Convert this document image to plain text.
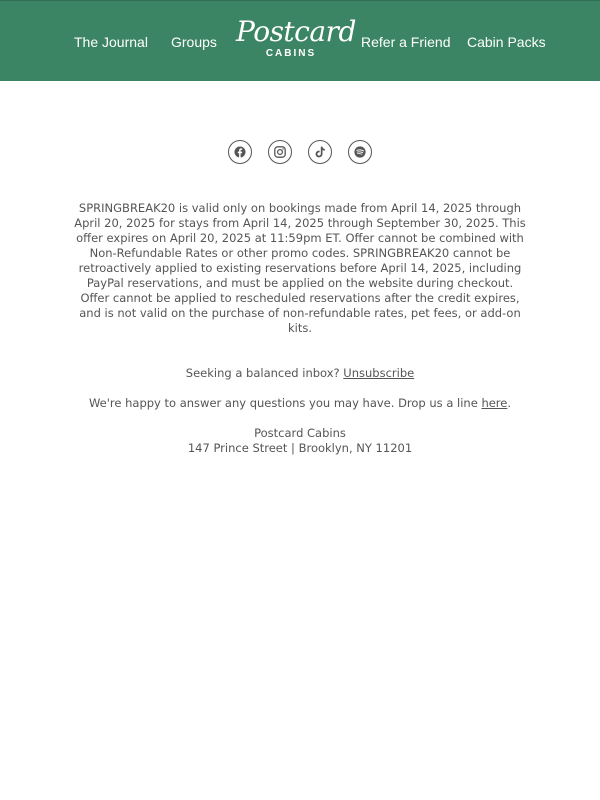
The Journal Groups Postcard
CABINS
Refer a Friend Cabin Packs
SPRINGBREAK20 is valid only on bookings made from April 14, 2025 through April 20, 2025 for stays from April 14, 2025 through September 30, 2025. This offer expires on April 20, 2025 at 11:59pm ET. Offer cannot be combined with Non-Refundable Rates or other promo codes. SPRINGBREAK20 cannot be retroactively applied to existing reservations before April 14, 2025, including PayPal reservations, and must be applied on the website during checkout. Offer cannot be applied to rescheduled reservations after the credit expires, and is not valid on the purchase of non-refundable rates, pet fees, or add-on kits.
Seeking a balanced inbox? Unsubscribe
We're happy to answer any questions you may have. Drop us a line here.
Postcard Cabins
147 Prince Street | Brooklyn, NY 11201
